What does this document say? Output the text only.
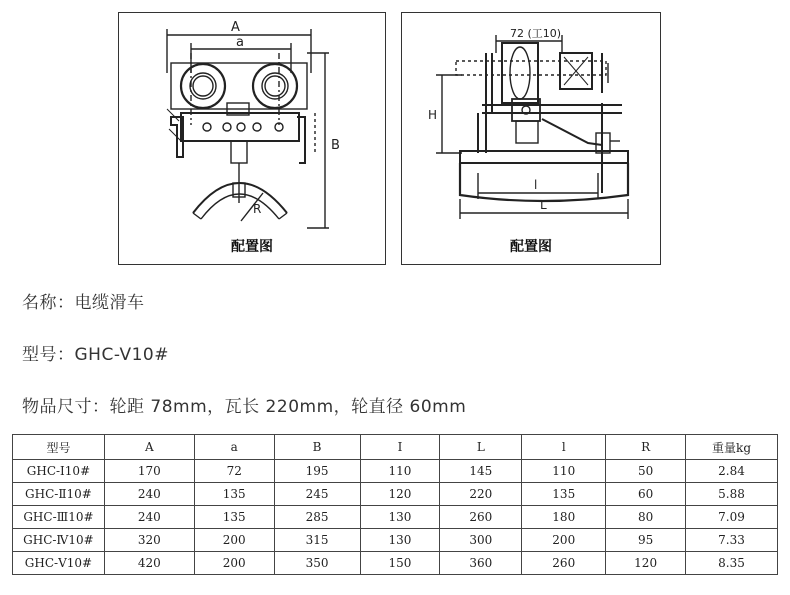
A
a
B
R
配置图
72 (工10)
H
l
L
配置图
名称：电缆滑车
型号：GHC-V10#
物品尺寸：轮距 78mm，瓦长 220mm，轮直径 60mm
型号	A	a	B	I	L	l	R	重量kg
GHC-Ⅰ10#	170	72	195	110	145	110	50	2.84
GHC-Ⅱ10#	240	135	245	120	220	135	60	5.88
GHC-Ⅲ10#	240	135	285	130	260	180	80	7.09
GHC-Ⅳ10#	320	200	315	130	300	200	95	7.33
GHC-Ⅴ10#	420	200	350	150	360	260	120	8.35
